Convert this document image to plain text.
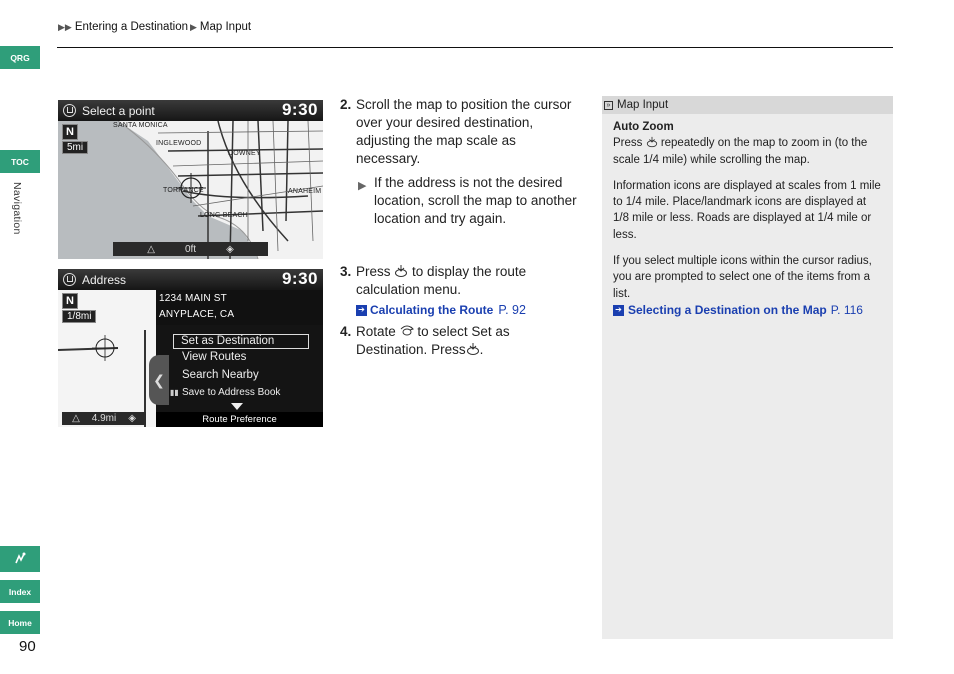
▶▶ Entering a Destination ▶ Map Input
QRG
TOC
Navigation
Index
Home
90
Select a point	9:30
SANTA MONICA
INGLEWOOD
DOWNEY
TORRANCE	ANAHEIM
LONG BEACH
N
5mi
△	0ft	◈
Address	9:30
N
1/8mi
△ 4.9mi ◈
1234 MAIN ST
ANYPLACE, CA
Set as Destination
View Routes
Search Nearby
Save to Address Book
▮▮
❮
Route Preference
2. Scroll the map to position the cursor over your desired destination, adjusting the map scale as necessary.
▶ If the address is not the desired location, scroll the map to another location and try again.
3. Press to display the route calculation menu.
➔ Calculating the Route P. 92
4. Rotate to select Set as Destination. Press .
» Map Input
Auto Zoom

Press repeatedly on the map to zoom in (to the scale 1/4 mile) while scrolling the map.

Information icons are displayed at scales from 1 mile to 1/4 mile. Place/landmark icons are displayed at 1/8 mile or less. Roads are displayed at 1/4 mile or less.

If you select multiple icons within the cursor radius, you are prompted to select one of the items from a list.

➔ Selecting a Destination on the Map P. 116
